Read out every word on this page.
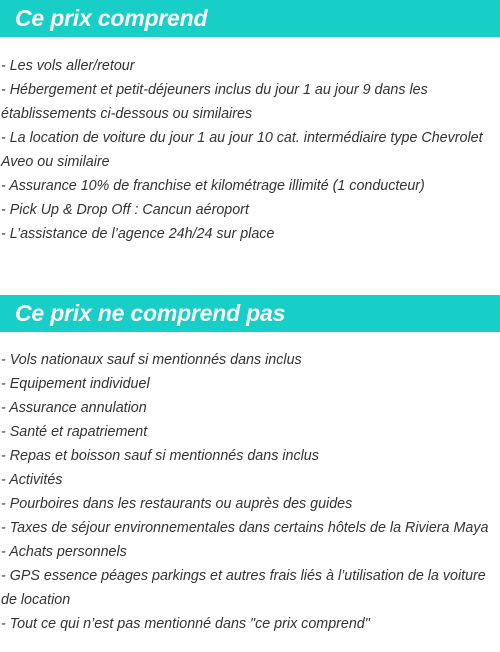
Ce prix comprend
- Les vols aller/retour
- Hébergement et petit-déjeuners inclus du jour 1 au jour 9 dans les établissements ci-dessous ou similaires
- La location de voiture du jour 1 au jour 10 cat. intermédiaire type Chevrolet Aveo ou similaire
- Assurance 10% de franchise et kilométrage illimité (1 conducteur)
- Pick Up & Drop Off : Cancun aéroport
- L’assistance de l’agence 24h/24 sur place
Ce prix ne comprend pas
- Vols nationaux sauf si mentionnés dans inclus
- Equipement individuel
- Assurance annulation
- Santé et rapatriement
- Repas et boisson sauf si mentionnés dans inclus
- Activités
- Pourboires dans les restaurants ou auprès des guides
- Taxes de séjour environnementales dans certains hôtels de la Riviera Maya
- Achats personnels
- GPS essence péages parkings et autres frais liés à l’utilisation de la voiture de location
- Tout ce qui n’est pas mentionné dans "ce prix comprend"
